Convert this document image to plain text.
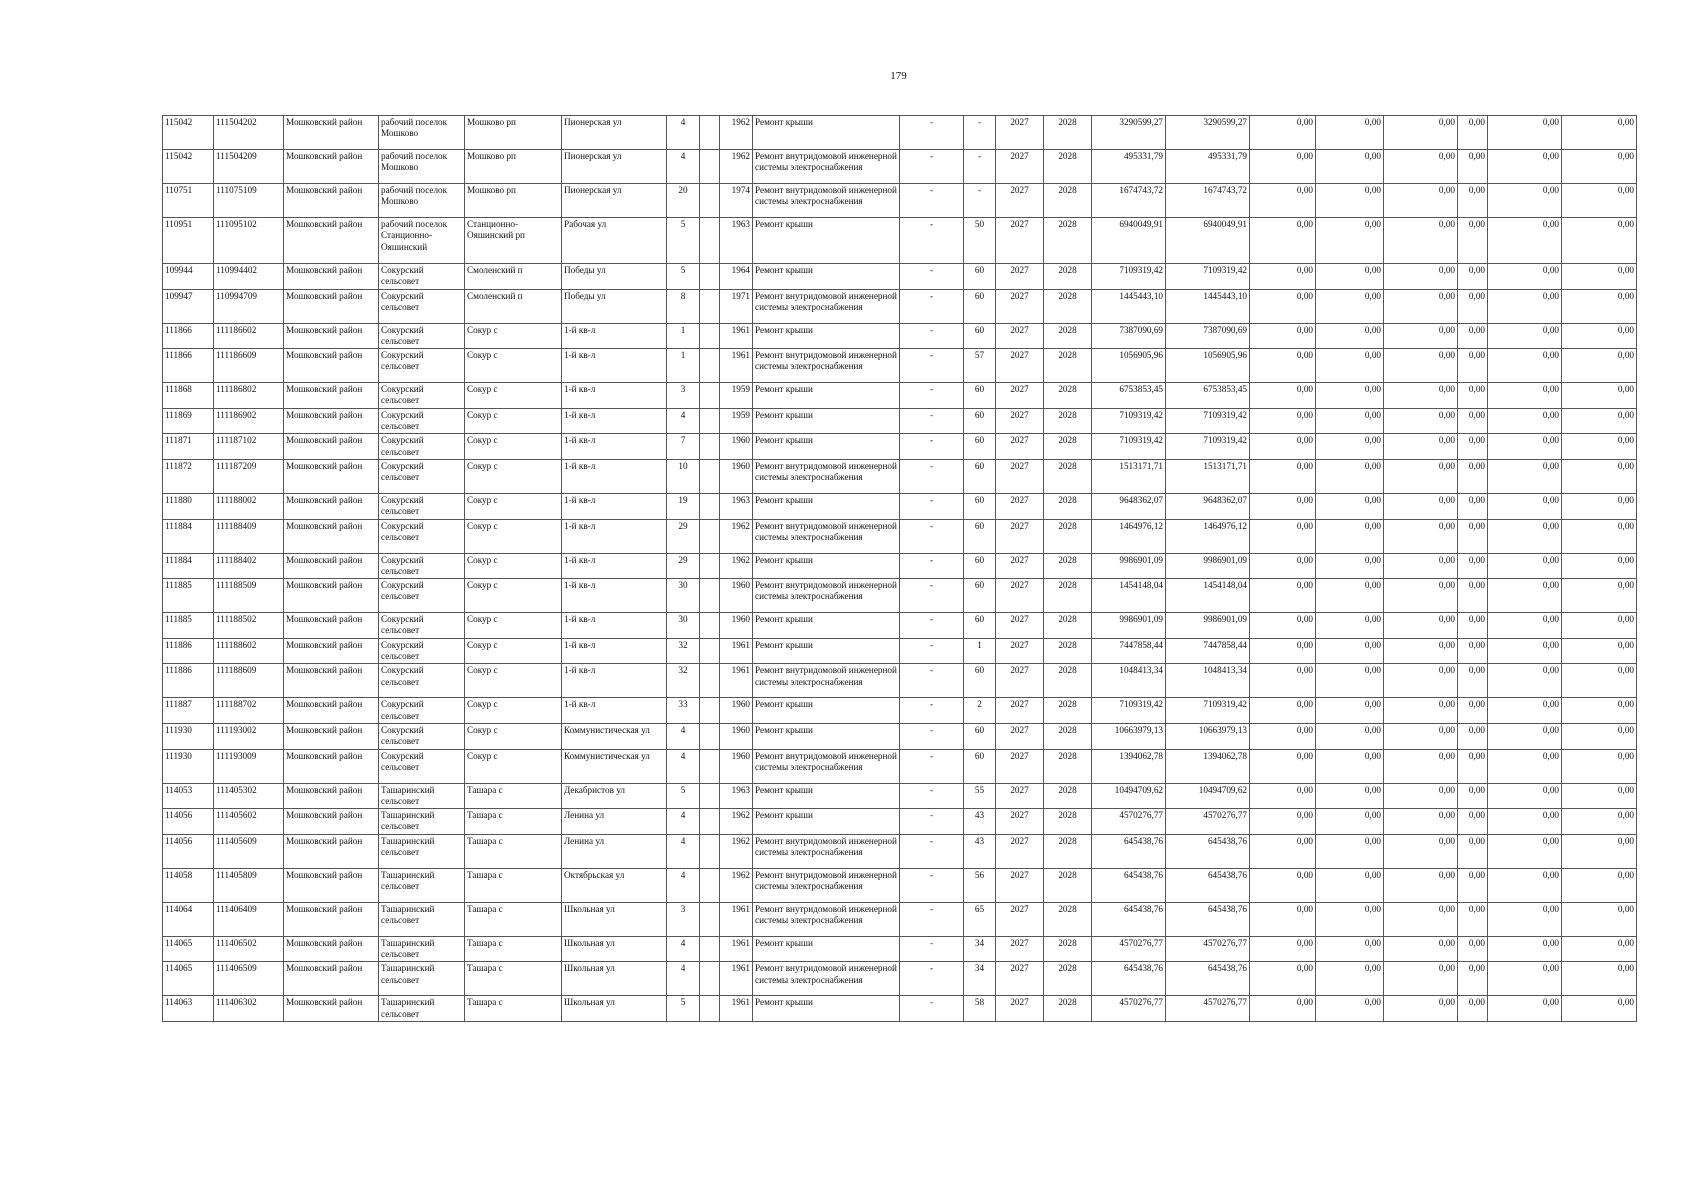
179
115042	111504202	Мошковский район	рабочий поселок Мошково	Мошково рп	Пионерская ул	4		1962	Ремонт крыши	-	-	2027	2028	3290599,27	3290599,27	0,00	0,00	0,00	0,00	0,00	0,00
115042	111504209	Мошковский район	рабочий поселок Мошково	Мошково рп	Пионерская ул	4		1962	Ремонт внутридомовой инженерной системы электроснабжения	-	-	2027	2028	495331,79	495331,79	0,00	0,00	0,00	0,00	0,00	0,00
110751	111075109	Мошковский район	рабочий поселок Мошково	Мошково рп	Пионерская ул	20		1974	Ремонт внутридомовой инженерной системы электроснабжения	-	-	2027	2028	1674743,72	1674743,72	0,00	0,00	0,00	0,00	0,00	0,00
110951	111095102	Мошковский район	рабочий поселок Станционно-Ояшинский	Станционно-Ояшинский рп	Рабочая ул	5		1963	Ремонт крыши	-	50	2027	2028	6940049,91	6940049,91	0,00	0,00	0,00	0,00	0,00	0,00
109944	110994402	Мошковский район	Сокурский сельсовет	Смоленский п	Победы ул	5		1964	Ремонт крыши	-	60	2027	2028	7109319,42	7109319,42	0,00	0,00	0,00	0,00	0,00	0,00
109947	110994709	Мошковский район	Сокурский сельсовет	Смоленский п	Победы ул	8		1971	Ремонт внутридомовой инженерной системы электроснабжения	-	60	2027	2028	1445443,10	1445443,10	0,00	0,00	0,00	0,00	0,00	0,00
111866	111186602	Мошковский район	Сокурский сельсовет	Сокур с	1-й кв-л	1		1961	Ремонт крыши	-	60	2027	2028	7387090,69	7387090,69	0,00	0,00	0,00	0,00	0,00	0,00
111866	111186609	Мошковский район	Сокурский сельсовет	Сокур с	1-й кв-л	1		1961	Ремонт внутридомовой инженерной системы электроснабжения	-	57	2027	2028	1056905,96	1056905,96	0,00	0,00	0,00	0,00	0,00	0,00
111868	111186802	Мошковский район	Сокурский сельсовет	Сокур с	1-й кв-л	3		1959	Ремонт крыши	-	60	2027	2028	6753853,45	6753853,45	0,00	0,00	0,00	0,00	0,00	0,00
111869	111186902	Мошковский район	Сокурский сельсовет	Сокур с	1-й кв-л	4		1959	Ремонт крыши	-	60	2027	2028	7109319,42	7109319,42	0,00	0,00	0,00	0,00	0,00	0,00
111871	111187102	Мошковский район	Сокурский сельсовет	Сокур с	1-й кв-л	7		1960	Ремонт крыши	-	60	2027	2028	7109319,42	7109319,42	0,00	0,00	0,00	0,00	0,00	0,00
111872	111187209	Мошковский район	Сокурский сельсовет	Сокур с	1-й кв-л	10		1960	Ремонт внутридомовой инженерной системы электроснабжения	-	60	2027	2028	1513171,71	1513171,71	0,00	0,00	0,00	0,00	0,00	0,00
111880	111188002	Мошковский район	Сокурский сельсовет	Сокур с	1-й кв-л	19		1963	Ремонт крыши	-	60	2027	2028	9648362,07	9648362,07	0,00	0,00	0,00	0,00	0,00	0,00
111884	111188409	Мошковский район	Сокурский сельсовет	Сокур с	1-й кв-л	29		1962	Ремонт внутридомовой инженерной системы электроснабжения	-	60	2027	2028	1464976,12	1464976,12	0,00	0,00	0,00	0,00	0,00	0,00
111884	111188402	Мошковский район	Сокурский сельсовет	Сокур с	1-й кв-л	29		1962	Ремонт крыши	-	60	2027	2028	9986901,09	9986901,09	0,00	0,00	0,00	0,00	0,00	0,00
111885	111188509	Мошковский район	Сокурский сельсовет	Сокур с	1-й кв-л	30		1960	Ремонт внутридомовой инженерной системы электроснабжения	-	60	2027	2028	1454148,04	1454148,04	0,00	0,00	0,00	0,00	0,00	0,00
111885	111188502	Мошковский район	Сокурский сельсовет	Сокур с	1-й кв-л	30		1960	Ремонт крыши	-	60	2027	2028	9986901,09	9986901,09	0,00	0,00	0,00	0,00	0,00	0,00
111886	111188602	Мошковский район	Сокурский сельсовет	Сокур с	1-й кв-л	32		1961	Ремонт крыши	-	1	2027	2028	7447858,44	7447858,44	0,00	0,00	0,00	0,00	0,00	0,00
111886	111188609	Мошковский район	Сокурский сельсовет	Сокур с	1-й кв-л	32		1961	Ремонт внутридомовой инженерной системы электроснабжения	-	60	2027	2028	1048413,34	1048413,34	0,00	0,00	0,00	0,00	0,00	0,00
111887	111188702	Мошковский район	Сокурский сельсовет	Сокур с	1-й кв-л	33		1960	Ремонт крыши	-	2	2027	2028	7109319,42	7109319,42	0,00	0,00	0,00	0,00	0,00	0,00
111930	111193002	Мошковский район	Сокурский сельсовет	Сокур с	Коммунистическая ул	4		1960	Ремонт крыши	-	60	2027	2028	10663979,13	10663979,13	0,00	0,00	0,00	0,00	0,00	0,00
111930	111193009	Мошковский район	Сокурский сельсовет	Сокур с	Коммунистическая ул	4		1960	Ремонт внутридомовой инженерной системы электроснабжения	-	60	2027	2028	1394062,78	1394062,78	0,00	0,00	0,00	0,00	0,00	0,00
114053	111405302	Мошковский район	Ташаринский сельсовет	Ташара с	Декабристов ул	5		1963	Ремонт крыши	-	55	2027	2028	10494709,62	10494709,62	0,00	0,00	0,00	0,00	0,00	0,00
114056	111405602	Мошковский район	Ташаринский сельсовет	Ташара с	Ленина ул	4		1962	Ремонт крыши	-	43	2027	2028	4570276,77	4570276,77	0,00	0,00	0,00	0,00	0,00	0,00
114056	111405609	Мошковский район	Ташаринский сельсовет	Ташара с	Ленина ул	4		1962	Ремонт внутридомовой инженерной системы электроснабжения	-	43	2027	2028	645438,76	645438,76	0,00	0,00	0,00	0,00	0,00	0,00
114058	111405809	Мошковский район	Ташаринский сельсовет	Ташара с	Октябрьская ул	4		1962	Ремонт внутридомовой инженерной системы электроснабжения	-	56	2027	2028	645438,76	645438,76	0,00	0,00	0,00	0,00	0,00	0,00
114064	111406409	Мошковский район	Ташаринский сельсовет	Ташара с	Школьная ул	3		1961	Ремонт внутридомовой инженерной системы электроснабжения	-	65	2027	2028	645438,76	645438,76	0,00	0,00	0,00	0,00	0,00	0,00
114065	111406502	Мошковский район	Ташаринский сельсовет	Ташара с	Школьная ул	4		1961	Ремонт крыши	-	34	2027	2028	4570276,77	4570276,77	0,00	0,00	0,00	0,00	0,00	0,00
114065	111406509	Мошковский район	Ташаринский сельсовет	Ташара с	Школьная ул	4		1961	Ремонт внутридомовой инженерной системы электроснабжения	-	34	2027	2028	645438,76	645438,76	0,00	0,00	0,00	0,00	0,00	0,00
114063	111406302	Мошковский район	Ташаринский сельсовет	Ташара с	Школьная ул	5		1961	Ремонт крыши	-	58	2027	2028	4570276,77	4570276,77	0,00	0,00	0,00	0,00	0,00	0,00
